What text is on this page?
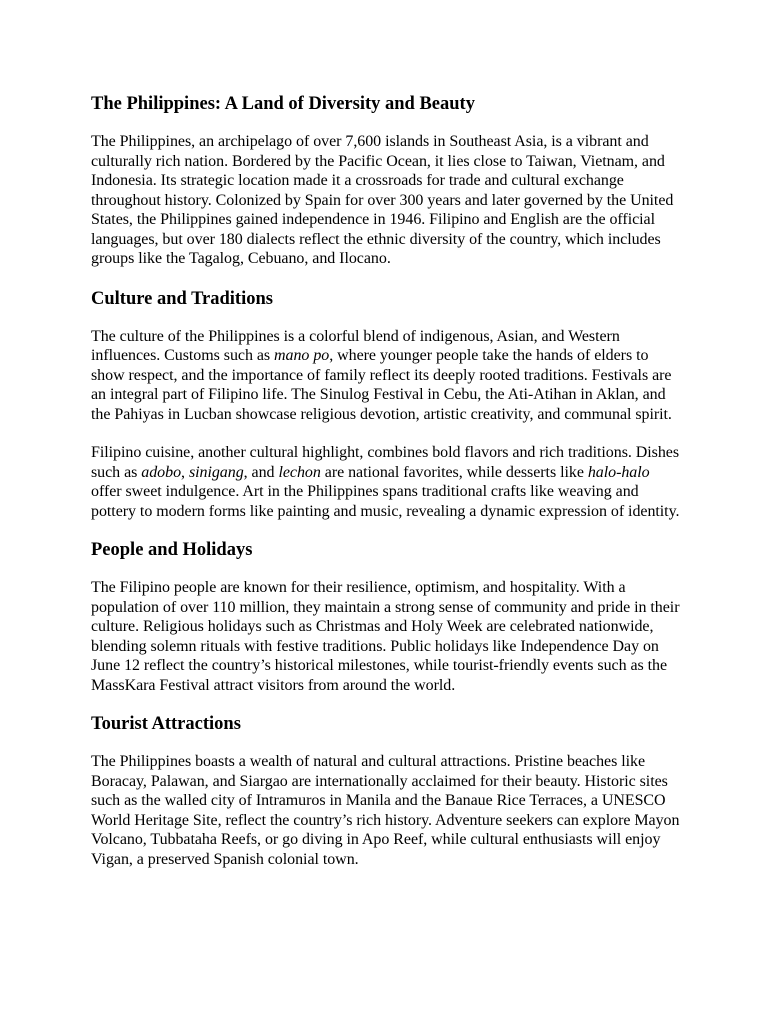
The Philippines: A Land of Diversity and Beauty

The Philippines, an archipelago of over 7,600 islands in Southeast Asia, is a vibrant and culturally rich nation. Bordered by the Pacific Ocean, it lies close to Taiwan, Vietnam, and Indonesia. Its strategic location made it a crossroads for trade and cultural exchange throughout history. Colonized by Spain for over 300 years and later governed by the United States, the Philippines gained independence in 1946. Filipino and English are the official languages, but over 180 dialects reflect the ethnic diversity of the country, which includes groups like the Tagalog, Cebuano, and Ilocano.

Culture and Traditions

The culture of the Philippines is a colorful blend of indigenous, Asian, and Western influences. Customs such as mano po, where younger people take the hands of elders to show respect, and the importance of family reflect its deeply rooted traditions. Festivals are an integral part of Filipino life. The Sinulog Festival in Cebu, the Ati-Atihan in Aklan, and the Pahiyas in Lucban showcase religious devotion, artistic creativity, and communal spirit.

Filipino cuisine, another cultural highlight, combines bold flavors and rich traditions. Dishes such as adobo, sinigang, and lechon are national favorites, while desserts like halo-halo offer sweet indulgence. Art in the Philippines spans traditional crafts like weaving and pottery to modern forms like painting and music, revealing a dynamic expression of identity.

People and Holidays

The Filipino people are known for their resilience, optimism, and hospitality. With a population of over 110 million, they maintain a strong sense of community and pride in their culture. Religious holidays such as Christmas and Holy Week are celebrated nationwide, blending solemn rituals with festive traditions. Public holidays like Independence Day on June 12 reflect the country’s historical milestones, while tourist-friendly events such as the MassKara Festival attract visitors from around the world.

Tourist Attractions

The Philippines boasts a wealth of natural and cultural attractions. Pristine beaches like Boracay, Palawan, and Siargao are internationally acclaimed for their beauty. Historic sites such as the walled city of Intramuros in Manila and the Banaue Rice Terraces, a UNESCO World Heritage Site, reflect the country’s rich history. Adventure seekers can explore Mayon Volcano, Tubbataha Reefs, or go diving in Apo Reef, while cultural enthusiasts will enjoy Vigan, a preserved Spanish colonial town.
